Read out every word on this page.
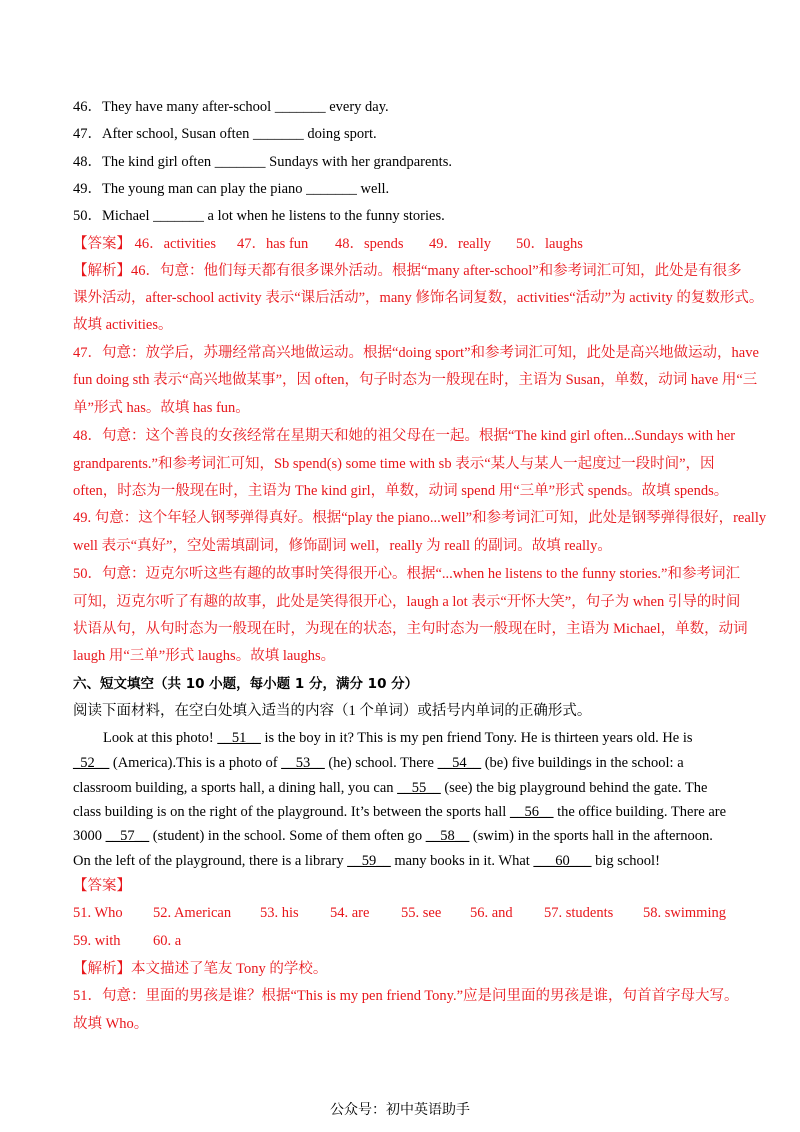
46．They have many after-school _______ every day.
47．After school, Susan often _______ doing sport.
48．The kind girl often _______ Sundays with her grandparents.
49．The young man can play the piano _______ well.
50．Michael _______ a lot when he listens to the funny stories.
【答案】 46．activities 47．has fun 48．spends 49．really 50．laughs
【解析】46．句意：他们每天都有很多课外活动。根据“many after-school”和参考词汇可知，此处是有很多
课外活动，after-school activity 表示“课后活动”，many 修饰名词复数，activities“活动”为 activity 的复数形式。
故填 activities。
47．句意：放学后，苏珊经常高兴地做运动。根据“doing sport”和参考词汇可知，此处是高兴地做运动，have
fun doing sth 表示“高兴地做某事”，因 often，句子时态为一般现在时，主语为 Susan，单数，动词 have 用“三
单”形式 has。故填 has fun。
48．句意：这个善良的女孩经常在星期天和她的祖父母在一起。根据“The kind girl often...Sundays with her
grandparents.”和参考词汇可知，Sb spend(s) some time with sb 表示“某人与某人一起度过一段时间”，因
often，时态为一般现在时，主语为 The kind girl，单数，动词 spend 用“三单”形式 spends。故填 spends。
49. 句意：这个年轻人钢琴弹得真好。根据“play the piano...well”和参考词汇可知，此处是钢琴弹得很好，really
well 表示“真好”，空处需填副词，修饰副词 well，really 为 reall 的副词。故填 really。
50．句意：迈克尔听这些有趣的故事时笑得很开心。根据“...when he listens to the funny stories.”和参考词汇
可知，迈克尔听了有趣的故事，此处是笑得很开心，laugh a lot 表示“开怀大笑”，句子为 when 引导的时间
状语从句，从句时态为一般现在时，为现在的状态，主句时态为一般现在时，主语为 Michael，单数，动词
laugh 用“三单”形式 laughs。故填 laughs。
六、短文填空（共 10 小题，每小题 1 分，满分 10 分）
阅读下面材料，在空白处填入适当的内容（1 个单词）或括号内单词的正确形式。
Look at this photo! __51__ is the boy in it? This is my pen friend Tony. He is thirteen years old. He is
_52__ (America).This is a photo of __53__ (he) school. There __54__ (be) five buildings in the school: a
classroom building, a sports hall, a dining hall, you can __55__ (see) the big playground behind the gate. The
class building is on the right of the playground. It’s between the sports hall __56__ the office building. There are
3000 __57__ (student) in the school. Some of them often go __58__ (swim) in the sports hall in the afternoon.
On the left of the playground, there is a library __59__ many books in it. What ___60___ big school!
【答案】
51. Who 52. American 53. his 54. are 55. see 56. and 57. students 58. swimming
59. with 60. a
【解析】本文描述了笔友 Tony 的学校。
51．句意：里面的男孩是谁？根据“This is my pen friend Tony.”应是问里面的男孩是谁，句首首字母大写。
故填 Who。
公众号：初中英语助手
